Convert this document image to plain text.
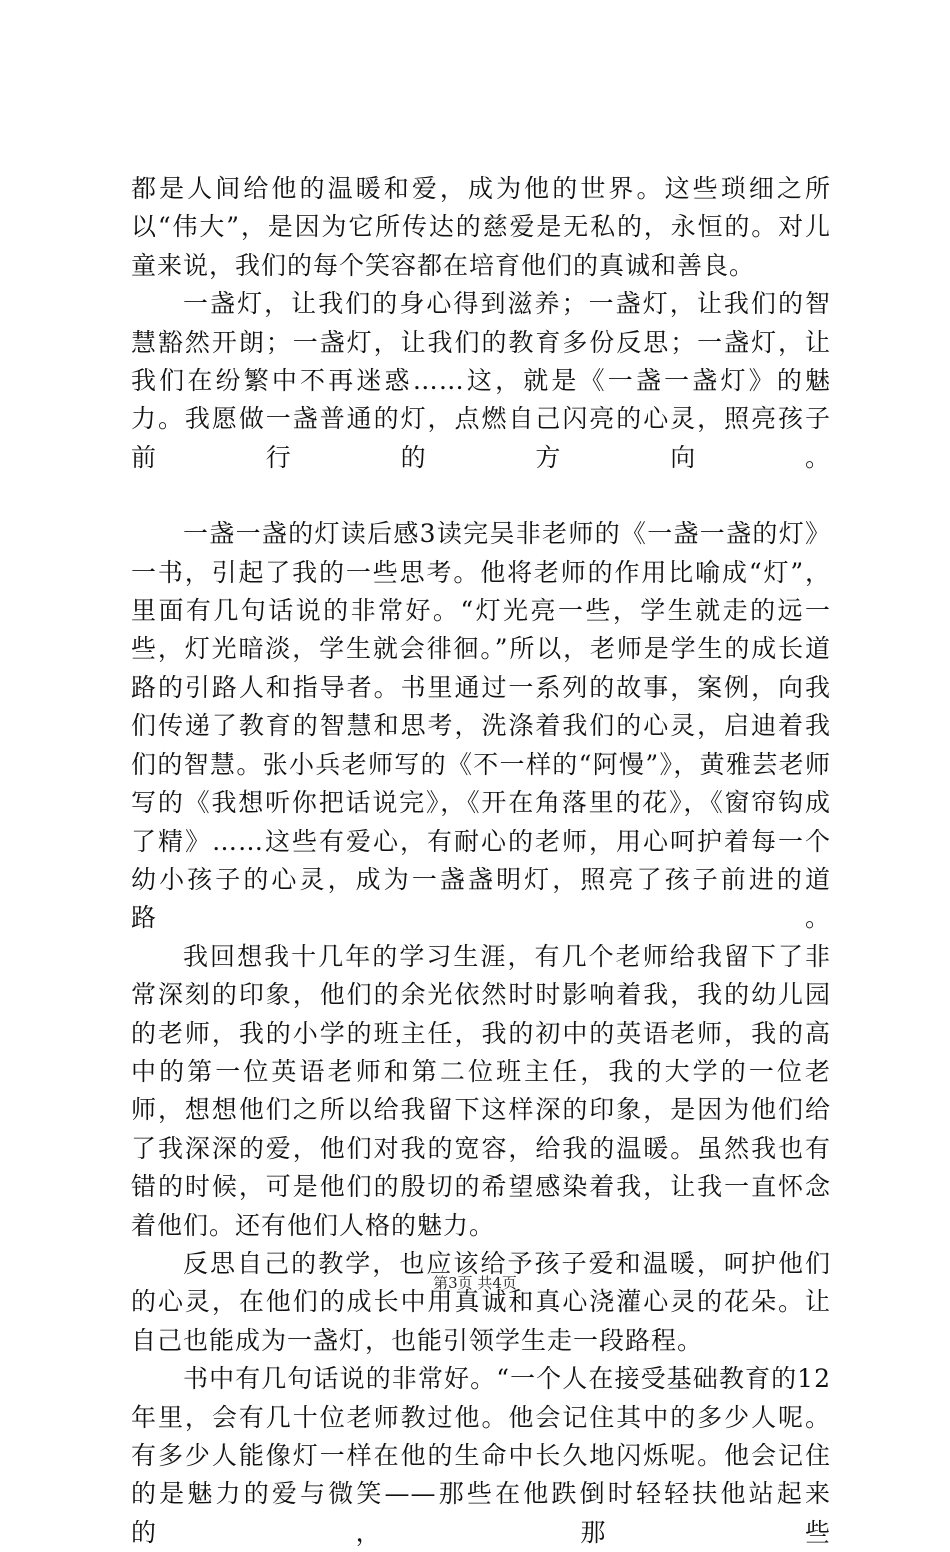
都是人间给他的温暖和爱，成为他的世界。这些琐细之所以“伟大”，是因为它所传达的慈爱是无私的，永恒的。对儿童来说，我们的每个笑容都在培育他们的真诚和善良。

一盏灯，让我们的身心得到滋养；一盏灯，让我们的智慧豁然开朗；一盏灯，让我们的教育多份反思；一盏灯，让我们在纷繁中不再迷惑……这，就是《一盏一盏灯》的魅力。我愿做一盏普通的灯，点燃自己闪亮的心灵，照亮孩子前行的方向。

一盏一盏的灯读后感3读完吴非老师的《一盏一盏的灯》一书，引起了我的一些思考。他将老师的作用比喻成“灯”，里面有几句话说的非常好。“灯光亮一些，学生就走的远一些，灯光暗淡，学生就会徘徊。”所以，老师是学生的成长道路的引路人和指导者。书里通过一系列的故事，案例，向我们传递了教育的智慧和思考，洗涤着我们的心灵，启迪着我们的智慧。张小兵老师写的《不一样的“阿慢”》，黄雅芸老师写的《我想听你把话说完》，《开在角落里的花》，《窗帘钩成了精》……这些有爱心，有耐心的老师，用心呵护着每一个幼小孩子的心灵，成为一盏盏明灯，照亮了孩子前进的道路。

我回想我十几年的学习生涯，有几个老师给我留下了非常深刻的印象，他们的余光依然时时影响着我，我的幼儿园的老师，我的小学的班主任，我的初中的英语老师，我的高中的第一位英语老师和第二位班主任，我的大学的一位老师，想想他们之所以给我留下这样深的印象，是因为他们给了我深深的爱，他们对我的宽容，给我的温暖。虽然我也有错的时候，可是他们的殷切的希望感染着我，让我一直怀念着他们。还有他们人格的魅力。

反思自己的教学，也应该给予孩子爱和温暖，呵护他们的心灵，在他们的成长中用真诚和真心浇灌心灵的花朵。让自己也能成为一盏灯，也能引领学生走一段路程。

书中有几句话说的非常好。“一个人在接受基础教育的12年里，会有几十位老师教过他。他会记住其中的多少人呢。有多少人能像灯一样在他的生命中长久地闪烁呢。他会记住的是魅力的爱与微笑——那些在他跌倒时轻轻扶他站起来的，那些

第3页 共4页
